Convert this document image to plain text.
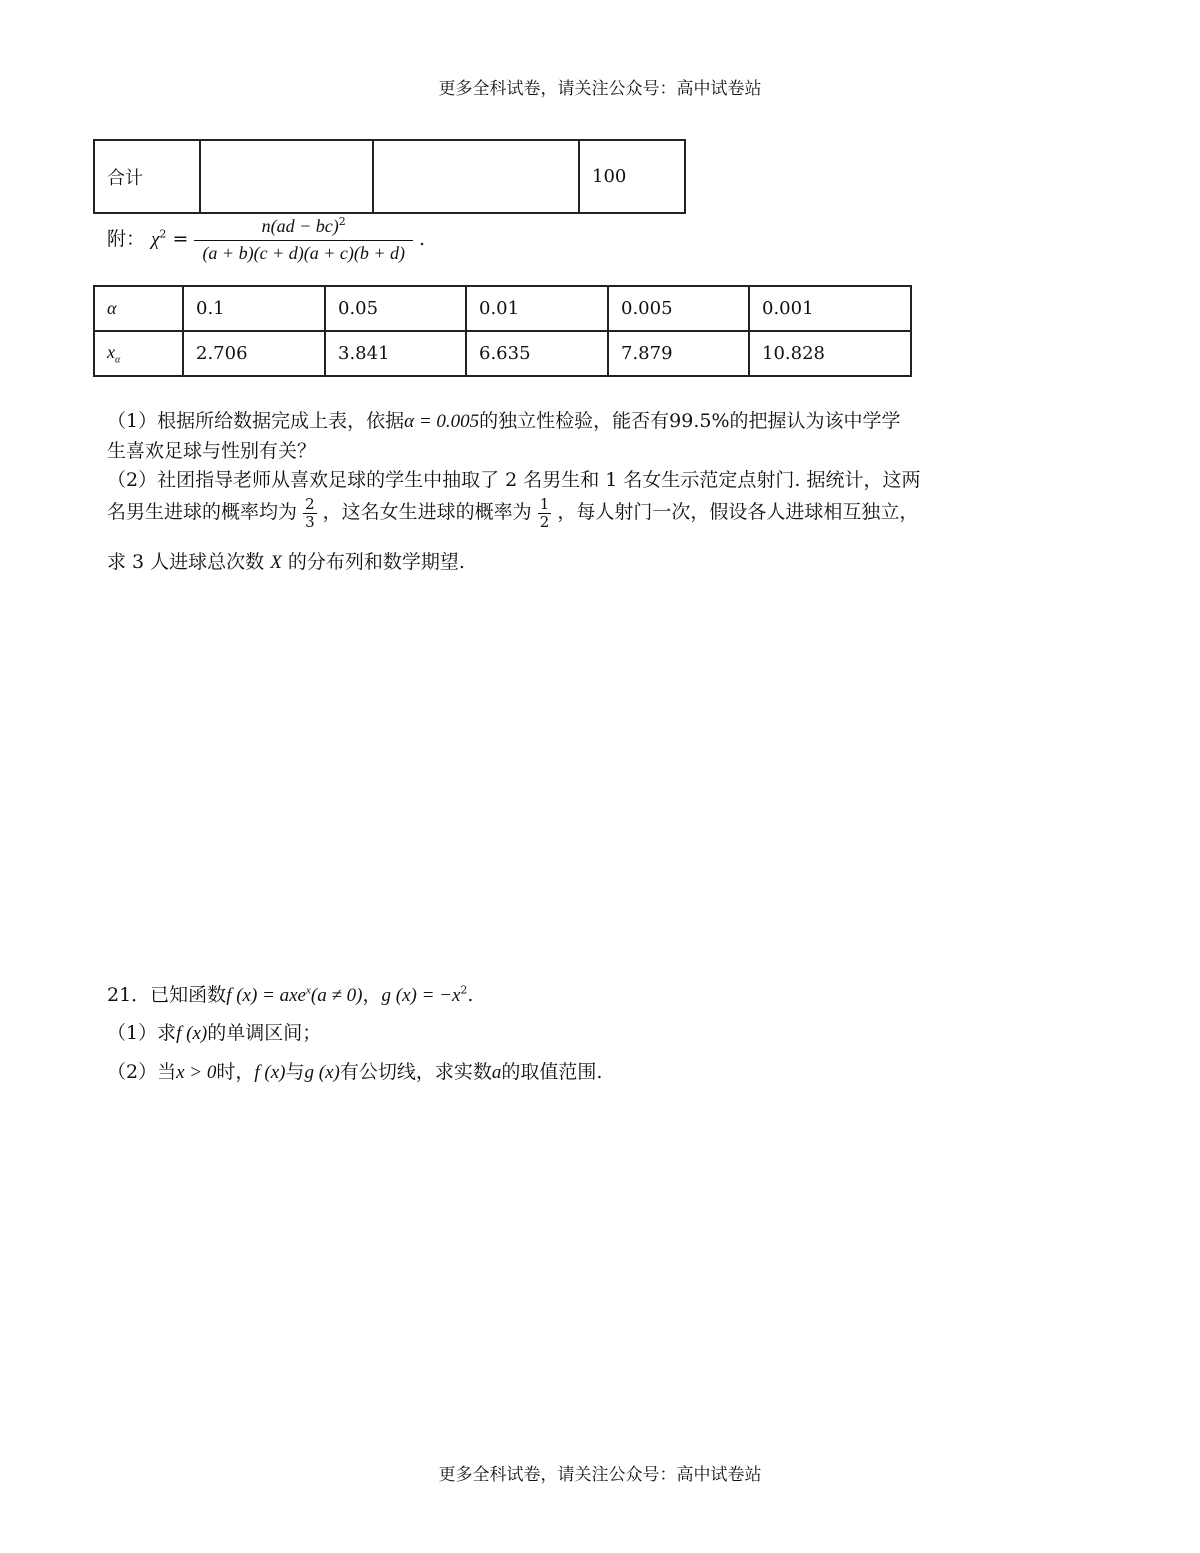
更多全科试卷，请关注公众号：高中试卷站
合计			100
附： $\chi^2 = \frac{n(ad - bc)^2}{(a + b)(c + d)(a + c)(b + d)}$ .
α	0.1	0.05	0.01	0.005	0.001
$x_\alpha$	2.706	3.841	6.635	7.879	10.828
（1）根据所给数据完成上表，依据α = 0.005的独立性检验，能否有99.5%的把握认为该中学学
生喜欢足球与性别有关？
（2）社团指导老师从喜欢足球的学生中抽取了 2 名男生和 1 名女生示范定点射门. 据统计，这两
名男生进球的概率均为 $\frac{2}{3}$ ，这名女生进球的概率为 $\frac{1}{2}$ ，每人射门一次，假设各人进球相互独立，
求 3 人进球总次数 X 的分布列和数学期望.
21．已知函数f (x) = axe$^x$(a ≠ 0)，g $(x) = -x^2$.
（1）求f (x)的单调区间；
（2）当x > 0时，f (x)与g (x)有公切线，求实数a的取值范围.
更多全科试卷，请关注公众号：高中试卷站
